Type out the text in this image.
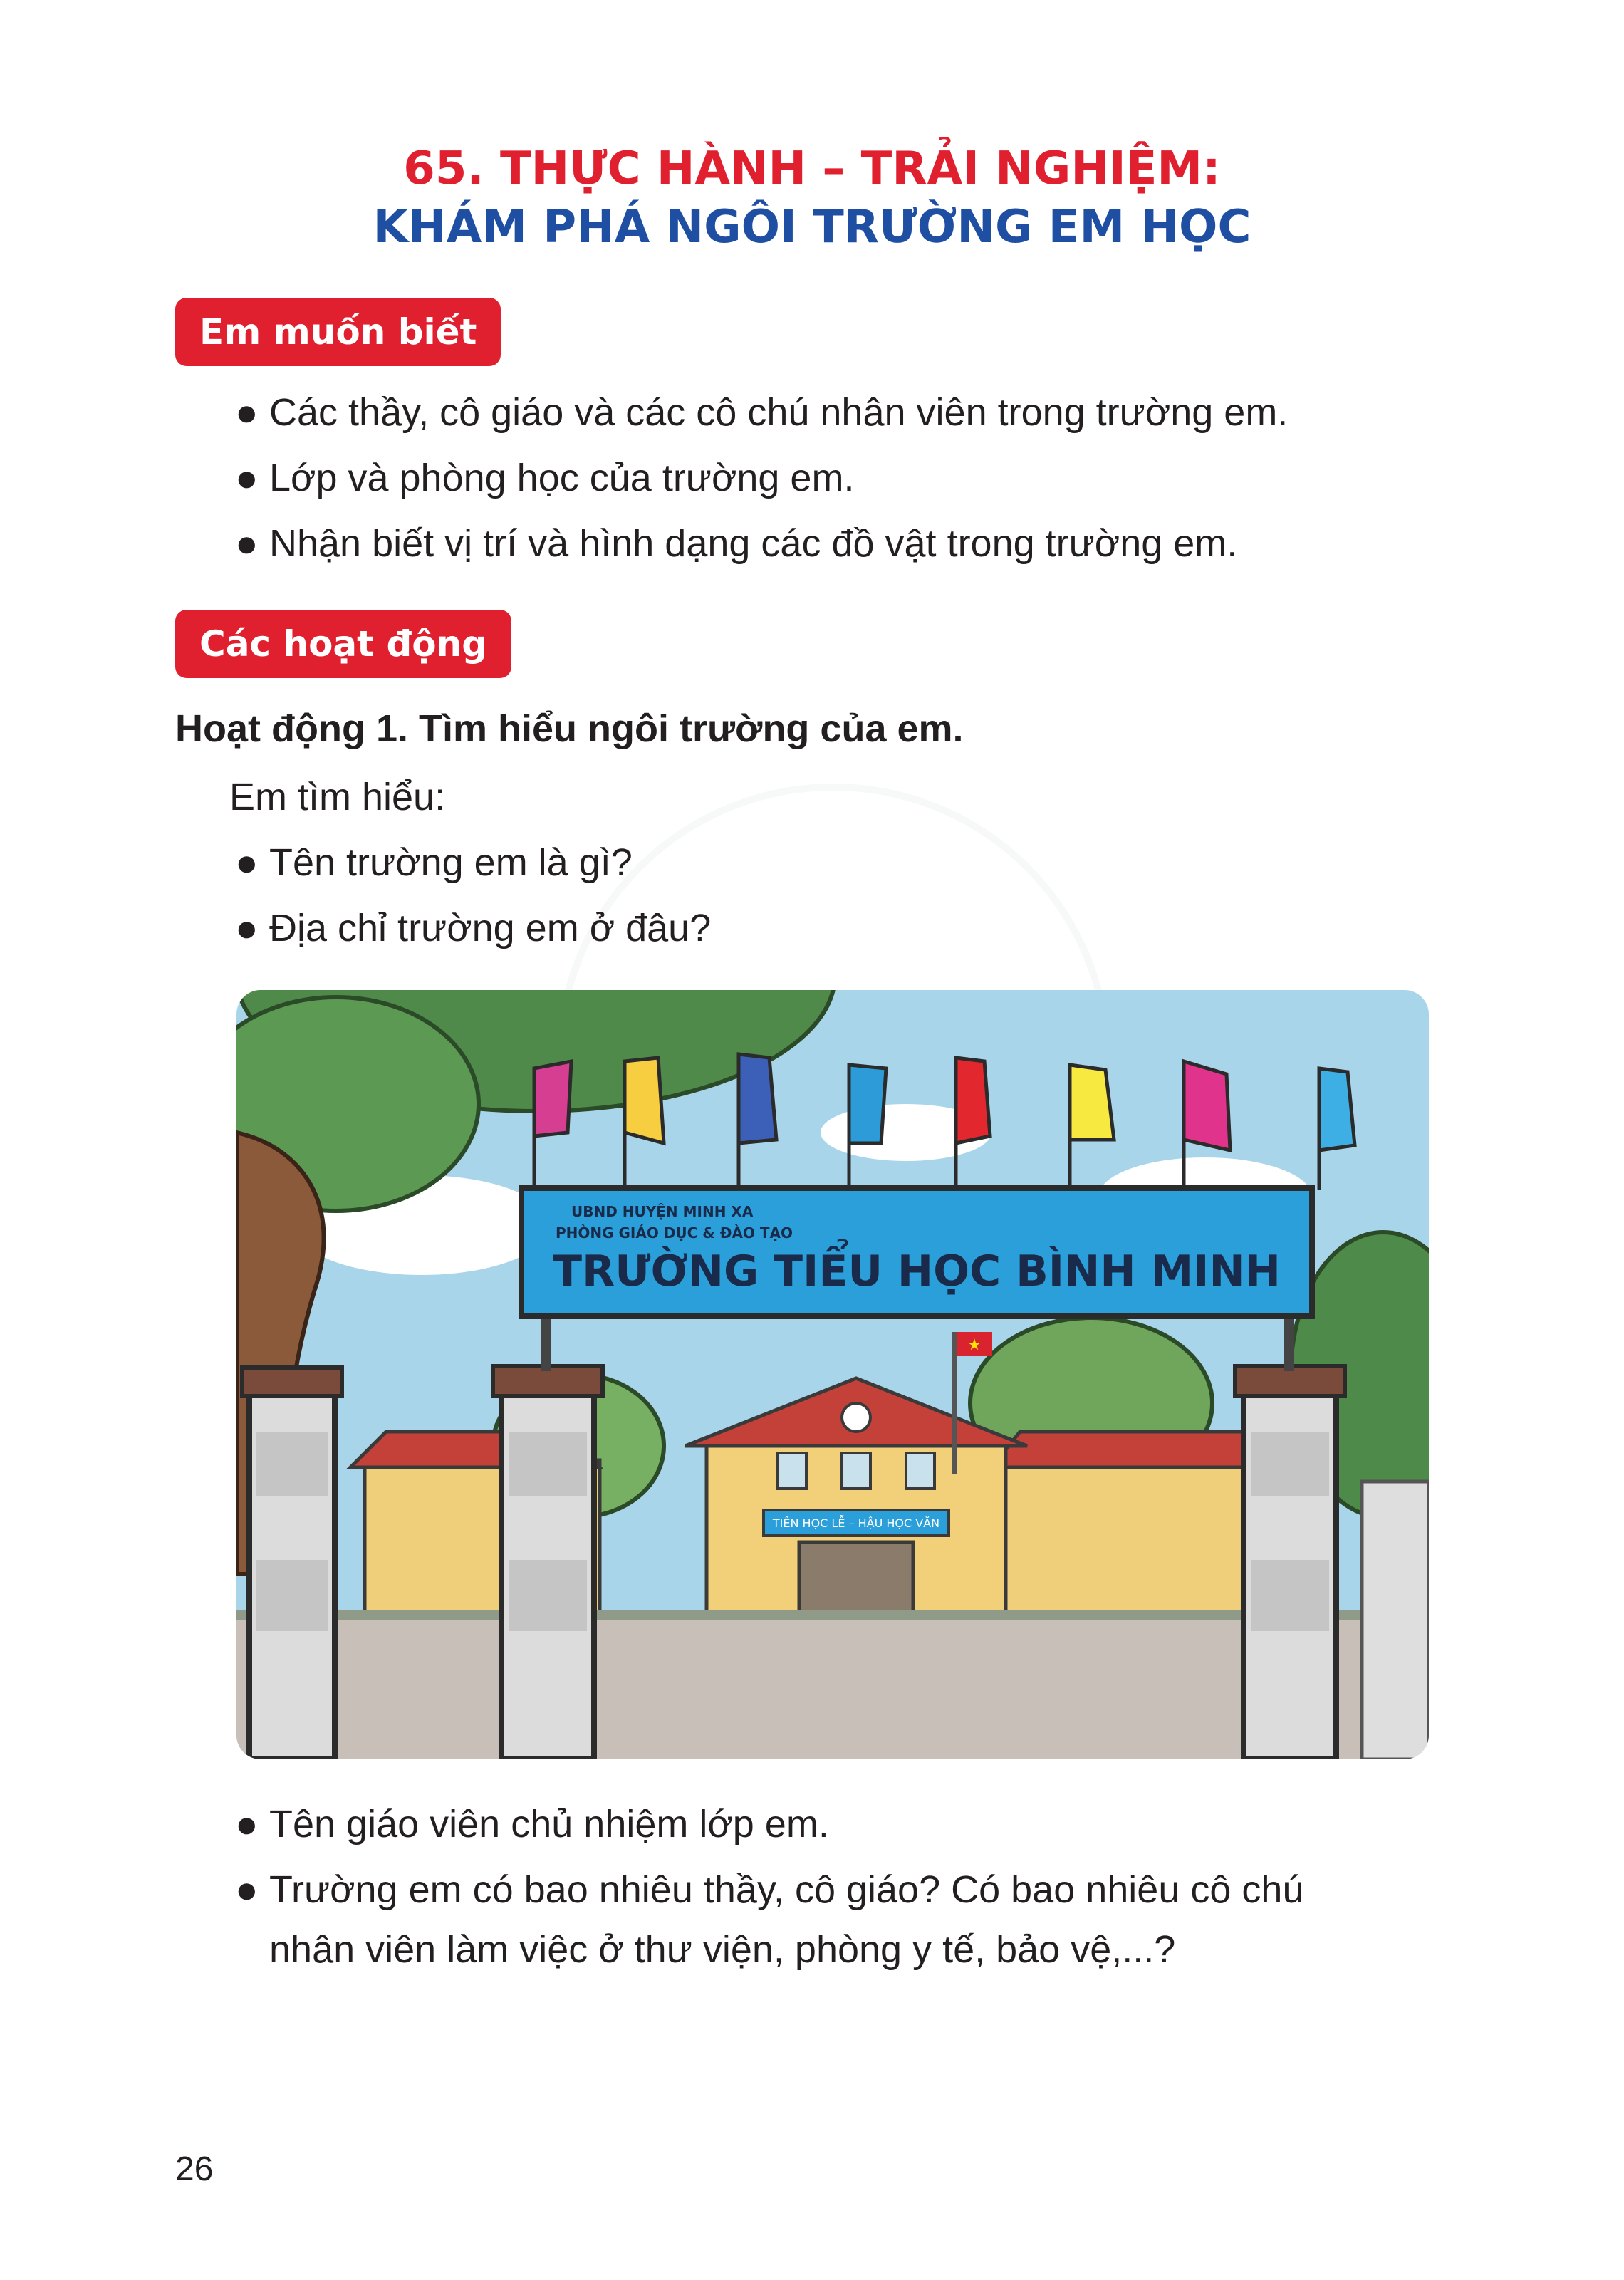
65. THỰC HÀNH – TRẢI NGHIỆM:
KHÁM PHÁ NGÔI TRƯỜNG EM HỌC
Em muốn biết
● Các thầy, cô giáo và các cô chú nhân viên trong trường em.
● Lớp và phòng học của trường em.
● Nhận biết vị trí và hình dạng các đồ vật trong trường em.
Các hoạt động
Hoạt động 1. Tìm hiểu ngôi trường của em.
Em tìm hiểu:
● Tên trường em là gì?
● Địa chỉ trường em ở đâu?
TIÊN HỌC LỄ – HẬU HỌC VĂN
★
UBND HUYỆN MINH XA
PHÒNG GIÁO DỤC & ĐÀO TẠO
TRƯỜNG TIỂU HỌC BÌNH MINH
● Tên giáo viên chủ nhiệm lớp em.
● Trường em có bao nhiêu thầy, cô giáo? Có bao nhiêu cô chú
nhân viên làm việc ở thư viện, phòng y tế, bảo vệ,...?
26
